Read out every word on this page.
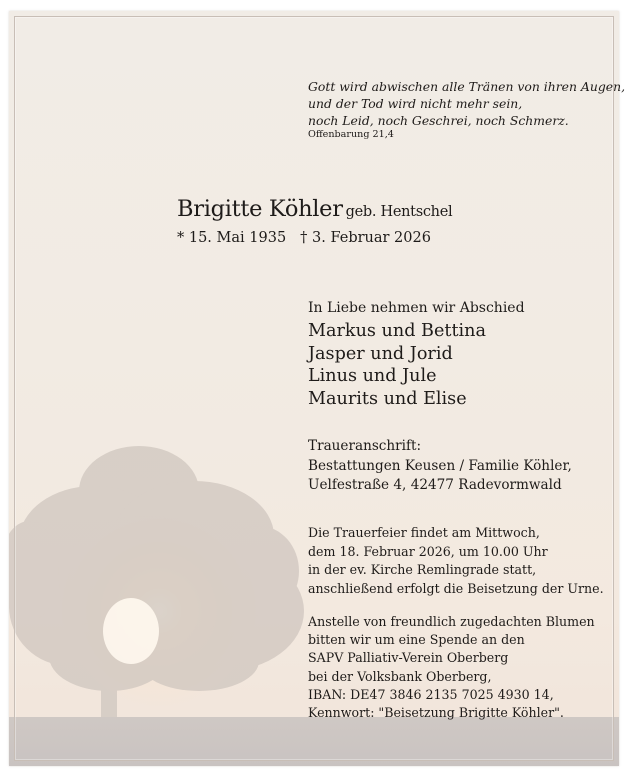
Gott wird abwischen alle Tränen von ihren Augen,
und der Tod wird nicht mehr sein,
noch Leid, noch Geschrei, noch Schmerz.
Offenbarung 21,4
Brigitte Köhler geb. Hentschel
* 15. Mai 1935 † 3. Februar 2026
In Liebe nehmen wir Abschied
Markus und Bettina
Jasper und Jorid
Linus und Jule
Maurits und Elise
Traueranschrift:
Bestattungen Keusen / Familie Köhler,
Uelfestraße 4, 42477 Radevormwald
Die Trauerfeier findet am Mittwoch,
dem 18. Februar 2026, um 10.00 Uhr
in der ev. Kirche Remlingrade statt,
anschließend erfolgt die Beisetzung der Urne.
Anstelle von freundlich zugedachten Blumen
bitten wir um eine Spende an den
SAPV Palliativ-Verein Oberberg
bei der Volksbank Oberberg,
IBAN: DE47 3846 2135 7025 4930 14,
Kennwort: "Beisetzung Brigitte Köhler".
